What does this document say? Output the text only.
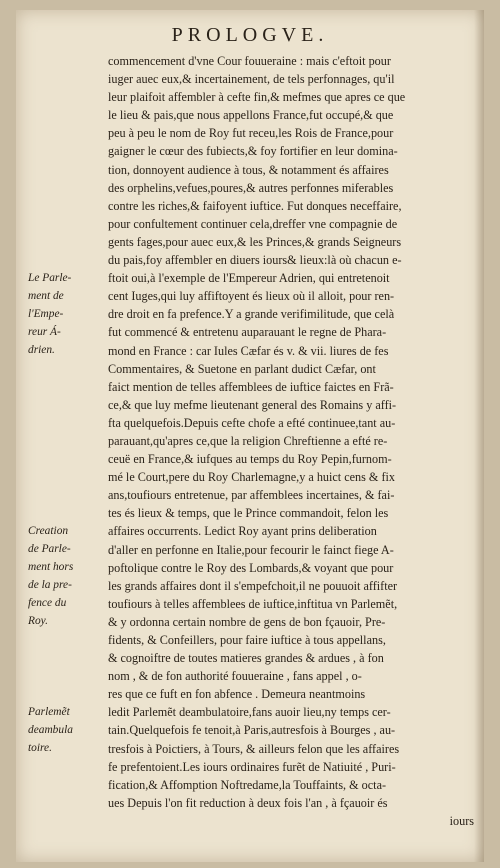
PROLOGVE.
commencement d'vne Cour fouueraine : mais c'eftoit pour
iuger auec eux,& incertainement, de tels perfonnages, qu'il
leur plaifoit affembler à cefte fin,& mefmes que apres ce que
le lieu & pais,que nous appellons France,fut occupé,& que
peu à peu le nom de Roy fut receu,les Rois de France,pour
gaigner le cœur des fubiects,& foy fortifier en leur domina-
tion, donnoyent audience à tous, & notamment és affaires
des orphelins,vefues,poures,& autres perfonnes miferables
contre les riches,& faifoyent iuftice. Fut donques neceffaire,
pour confultement continuer cela,dreffer vne compagnie de
gents fages,pour auec eux,& les Princes,& grands Seigneurs
du pais,foy affembler en diuers iours& lieux:là où chacun e-
ftoit oui,à l'exemple de l'Empereur Adrien, qui entretenoit
cent Iuges,qui luy affiftoyent és lieux où il alloit, pour ren-
dre droit en fa prefence.Y a grande verifimilitude, que celà
fut commencé & entretenu auparauant le regne de Phara-
mond en France : car Iules Cæfar és v. & vii. liures de fes
Commentaires, & Suetone en parlant dudict Cæfar, ont
faict mention de telles affemblees de iuftice faictes en Frã-
ce,& que luy mefme lieutenant general des Romains y affi-
fta quelquefois.Depuis cefte chofe a efté continuee,tant au-
parauant,qu'apres ce,que la religion Chreftienne a efté re-
ceuë en France,& iufques au temps du Roy Pepin,furnom-
mé le Court,pere du Roy Charlemagne,y a huict cens & fix
ans,toufiours entretenue, par affemblees incertaines, & fai-
tes és lieux & temps, que le Prince commandoit, felon les
affaires occurrents. Ledict Roy ayant prins deliberation
d'aller en perfonne en Italie,pour fecourir le fainct fiege A-
poftolique contre le Roy des Lombards,& voyant que pour
les grands affaires dont il s'empefchoit,il ne pouuoit affifter
toufiours à telles affemblees de iuftice,inftitua vn Parlemẽt,
& y ordonna certain nombre de gens de bon fçauoir, Pre-
fidents, & Confeillers, pour faire iuftice à tous appellans,
& cognoiftre de toutes matieres grandes & ardues , à fon
nom , & de fon authorité fouueraine , fans appel , o-
res que ce fuft en fon abfence . Demeura neantmoins
ledit Parlemẽt deambulatoire,fans auoir lieu,ny temps cer-
tain.Quelquefois fe tenoit,à Paris,autresfois à Bourges , au-
tresfois à Poictiers, à Tours, & ailleurs felon que les affaires
fe prefentoient.Les iours ordinaires furẽt de Natiuité , Puri-
fication,& Affomption Noftredame,la Touffaints, & octa-
ues Depuis l'on fit reduction à deux fois l'an , à fçauoir és
iours
Le Parle-
ment de
l'Empe-
reur Á-
drien.
Creation
de Parle-
ment hors
de la pre-
fence du
Roy.
Parlemẽt
deambula
toire.
